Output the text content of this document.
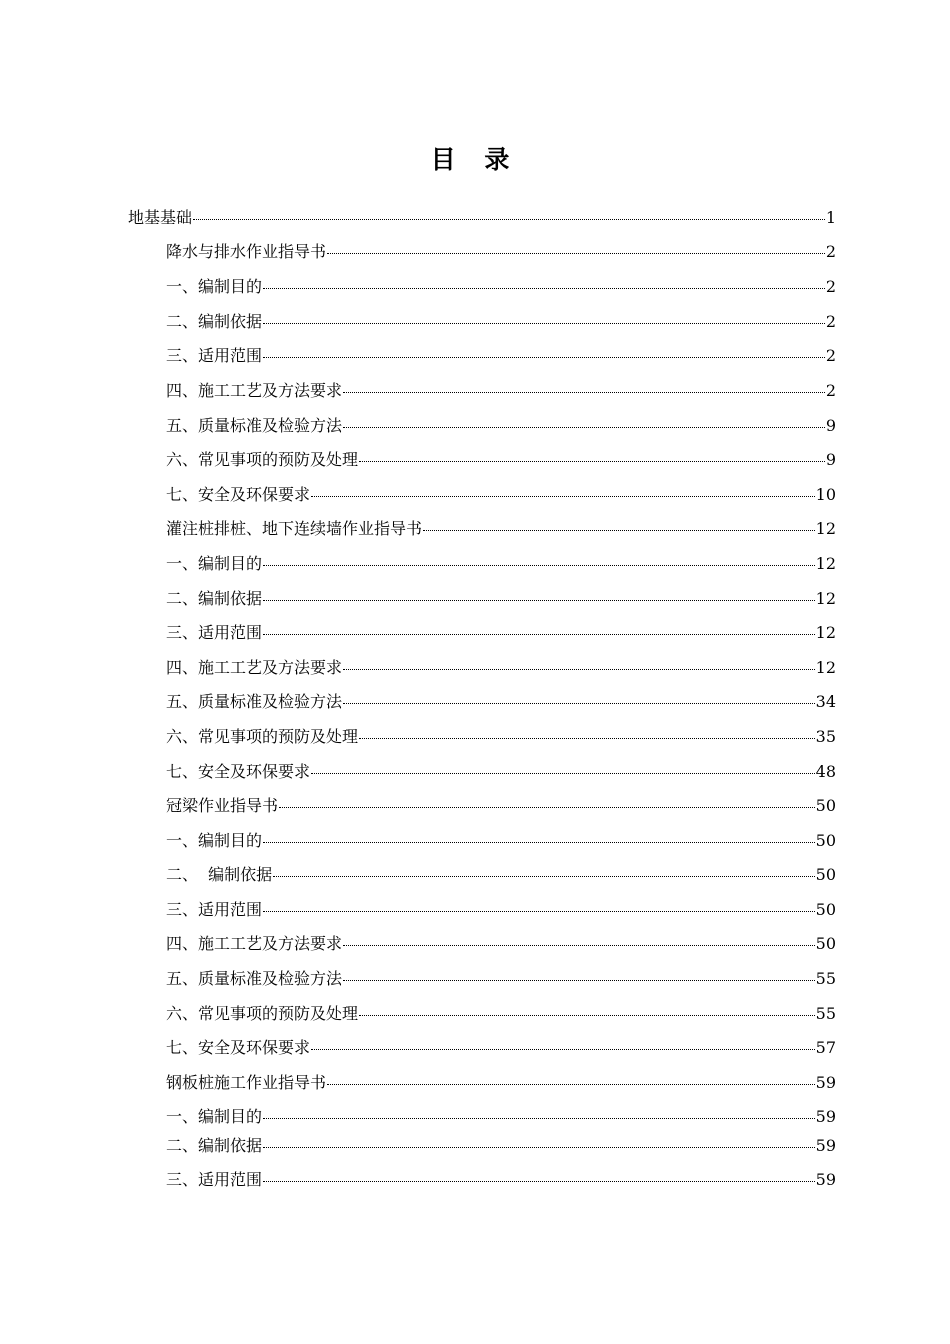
目 录
地基基础	1
降水与排水作业指导书	2
一、编制目的	2
二、编制依据	2
三、适用范围	2
四、施工工艺及方法要求	2
五、质量标准及检验方法	9
六、常见事项的预防及处理	9
七、安全及环保要求	10
灌注桩排桩、地下连续墙作业指导书	12
一、编制目的	12
二、编制依据	12
三、适用范围	12
四、施工工艺及方法要求	12
五、质量标准及检验方法	34
六、常见事项的预防及处理	35
七、安全及环保要求	48
冠梁作业指导书	50
一、编制目的	50
二、  编制依据	50
三、适用范围	50
四、施工工艺及方法要求	50
五、质量标准及检验方法	55
六、常见事项的预防及处理	55
七、安全及环保要求	57
钢板桩施工作业指导书	59
一、编制目的	59
二、编制依据	59
三、适用范围	59
